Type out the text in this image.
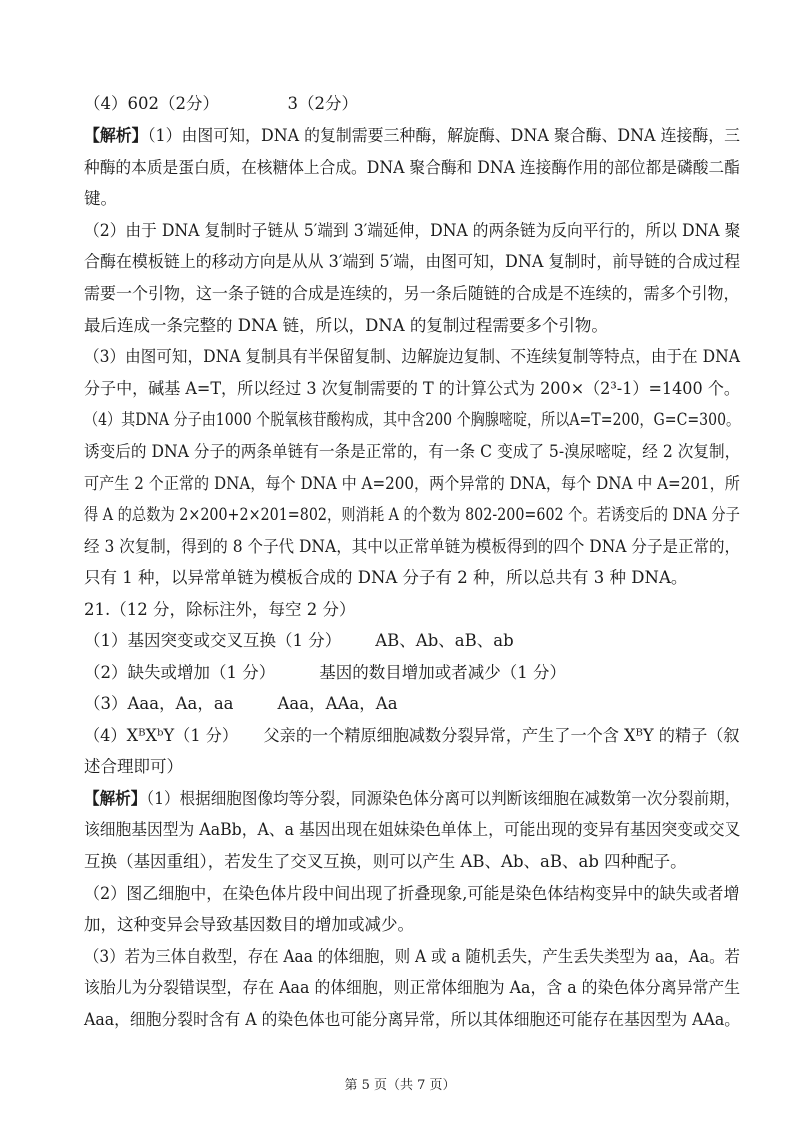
（4）602（2分）	3（2分）
【解析】（1）由图可知，DNA 的复制需要三种酶，解旋酶、DNA 聚合酶、DNA 连接酶，三
种酶的本质是蛋白质，在核糖体上合成。DNA 聚合酶和 DNA 连接酶作用的部位都是磷酸二酯
键。
（2）由于 DNA 复制时子链从 5′端到 3′端延伸，DNA 的两条链为反向平行的，所以 DNA 聚
合酶在模板链上的移动方向是从从 3′端到 5′端，由图可知，DNA 复制时，前导链的合成过程
需要一个引物，这一条子链的合成是连续的，另一条后随链的合成是不连续的，需多个引物，
最后连成一条完整的 DNA 链，所以，DNA 的复制过程需要多个引物。
（3）由图可知，DNA 复制具有半保留复制、边解旋边复制、不连续复制等特点，由于在 DNA
分子中，碱基 A=T，所以经过 3 次复制需要的 T 的计算公式为 200×（2³-1）=1400 个。
（4）其DNA 分子由1000 个脱氧核苷酸构成，其中含200 个胸腺嘧啶，所以A=T=200，G=C=300。
诱变后的 DNA 分子的两条单链有一条是正常的，有一条 C 变成了 5-溴尿嘧啶，经 2 次复制，
可产生 2 个正常的 DNA，每个 DNA 中 A=200，两个异常的 DNA，每个 DNA 中 A=201，所
得 A 的总数为 2×200+2×201=802，则消耗 A 的个数为 802-200=602 个。若诱变后的 DNA 分子
经 3 次复制，得到的 8 个子代 DNA，其中以正常单链为模板得到的四个 DNA 分子是正常的，
只有 1 种，以异常单链为模板合成的 DNA 分子有 2 种，所以总共有 3 种 DNA。
21.（12 分，除标注外，每空 2 分）
（1）基因突变或交叉互换（1 分） AB、Ab、aB、ab
（2）缺失或增加（1 分）	基因的数目增加或者减少（1 分）
（3）Aaa，Aa，aa	Aaa，AAa，Aa
（4）XᴮXᵇY（1 分） 父亲的一个精原细胞减数分裂异常，产生了一个含 XᴮY 的精子（叙
述合理即可）
【解析】（1）根据细胞图像均等分裂，同源染色体分离可以判断该细胞在减数第一次分裂前期，
该细胞基因型为 AaBb，A、a 基因出现在姐妹染色单体上，可能出现的变异有基因突变或交叉
互换（基因重组），若发生了交叉互换，则可以产生 AB、Ab、aB、ab 四种配子。
（2）图乙细胞中，在染色体片段中间出现了折叠现象,可能是染色体结构变异中的缺失或者增
加，这种变异会导致基因数目的增加或减少。
（3）若为三体自救型，存在 Aaa 的体细胞，则 A 或 a 随机丢失，产生丢失类型为 aa，Aa。若
该胎儿为分裂错误型，存在 Aaa 的体细胞，则正常体细胞为 Aa，含 a 的染色体分离异常产生
Aaa，细胞分裂时含有 A 的染色体也可能分离异常，所以其体细胞还可能存在基因型为 AAa。
第 5 页（共 7 页）
